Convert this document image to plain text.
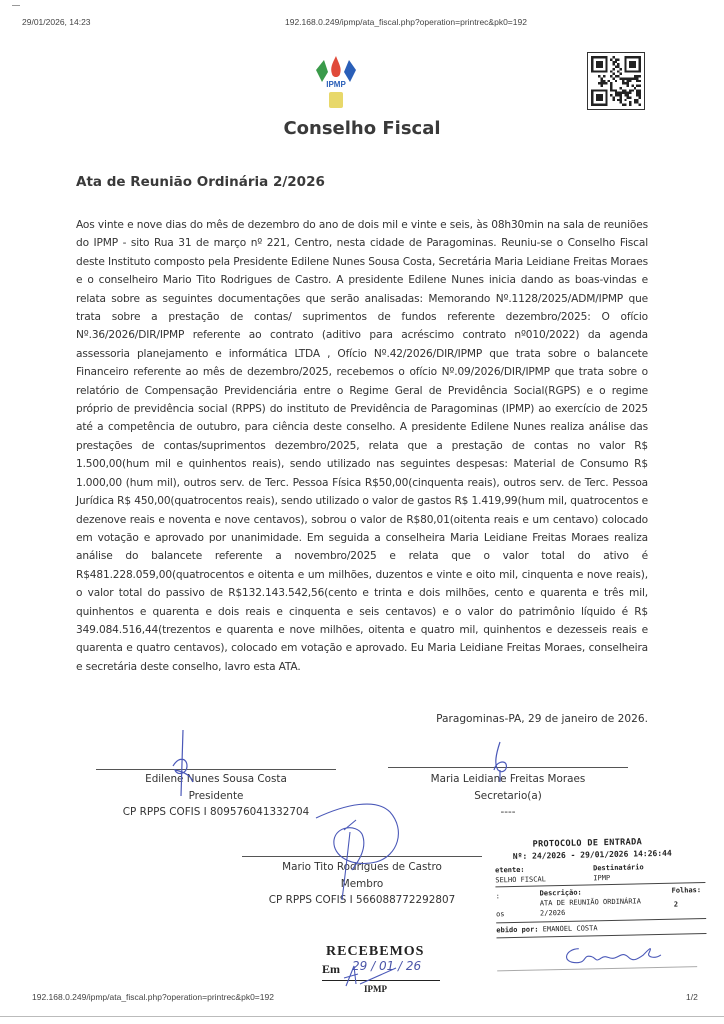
29/01/2026, 14:23	192.168.0.249/ipmp/ata_fiscal.php?operation=printrec&pk0=192
IPMP
Conselho Fiscal
Ata de Reunião Ordinária 2/2026
Aos vinte e nove dias do mês de dezembro do ano de dois mil e vinte e seis, às 08h30min na sala de reuniões do IPMP - sito Rua 31 de março nº 221, Centro, nesta cidade de Paragominas. Reuniu-se o Conselho Fiscal deste Instituto composto pela Presidente Edilene Nunes Sousa Costa, Secretária Maria Leidiane Freitas Moraes e o conselheiro Mario Tito Rodrigues de Castro. A presidente Edilene Nunes inicia dando as boas-vindas e relata sobre as seguintes documentações que serão analisadas: Memorando Nº.1128/2025/ADM/IPMP que trata sobre a prestação de contas/ suprimentos de fundos referente dezembro/2025: O ofício Nº.36/2026/DIR/IPMP referente ao contrato (aditivo para acréscimo contrato nº010/2022) da agenda assessoria planejamento e informática LTDA , Ofício Nº.42/2026/DIR/IPMP que trata sobre o balancete Financeiro referente ao mês de dezembro/2025, recebemos o ofício Nº.09/2026/DIR/IPMP que trata sobre o relatório de Compensação Previdenciária entre o Regime Geral de Previdência Social(RGPS) e o regime próprio de previdência social (RPPS) do instituto de Previdência de Paragominas (IPMP) ao exercício de 2025 até a competência de outubro, para ciência deste conselho. A presidente Edilene Nunes realiza análise das prestações de contas/suprimentos dezembro/2025, relata que a prestação de contas no valor R$ 1.500,00(hum mil e quinhentos reais), sendo utilizado nas seguintes despesas: Material de Consumo R$ 1.000,00 (hum mil), outros serv. de Terc. Pessoa Física R$50,00(cinquenta reais), outros serv. de Terc. Pessoa Jurídica R$ 450,00(quatrocentos reais), sendo utilizado o valor de gastos R$ 1.419,99(hum mil, quatrocentos e dezenove reais e noventa e nove centavos), sobrou o valor de R$80,01(oitenta reais e um centavo) colocado em votação e aprovado por unanimidade. Em seguida a conselheira Maria Leidiane Freitas Moraes realiza análise do balancete referente a novembro/2025 e relata que o valor total do ativo é R$481.228.059,00(quatrocentos e oitenta e um milhões, duzentos e vinte e oito mil, cinquenta e nove reais), o valor total do passivo de R$132.143.542,56(cento e trinta e dois milhões, cento e quarenta e três mil, quinhentos e quarenta e dois reais e cinquenta e seis centavos) e o valor do patrimônio líquido é R$ 349.084.516,44(trezentos e quarenta e nove milhões, oitenta e quatro mil, quinhentos e dezesseis reais e quarenta e quatro centavos), colocado em votação e aprovado. Eu Maria Leidiane Freitas Moraes, conselheira e secretária deste conselho, lavro esta ATA.
Paragominas-PA, 29 de janeiro de 2026.
Edilene Nunes Sousa Costa
Presidente
CP RPPS COFIS I 809576041332704
Maria Leidiane Freitas Moraes
Secretario(a)
----
Mario Tito Rodrigues de Castro
Membro
CP RPPS COFIS I 566088772292807
PROTOCOLO DE ENTRADA
Nº: 24/2026 - 29/01/2026 14:26:44
etente:
SELHO FISCAL
Destinatário
IPMP
:
os
Descrição:
ATA DE REUNIÃO ORDINÁRIA
2/2026
Folhas:
2
ebido por: EMANOEL COSTA
RECEBEMOS
Em 29 / 01 / 26
IPMP
192.168.0.249/ipmp/ata_fiscal.php?operation=printrec&pk0=192	1/2
